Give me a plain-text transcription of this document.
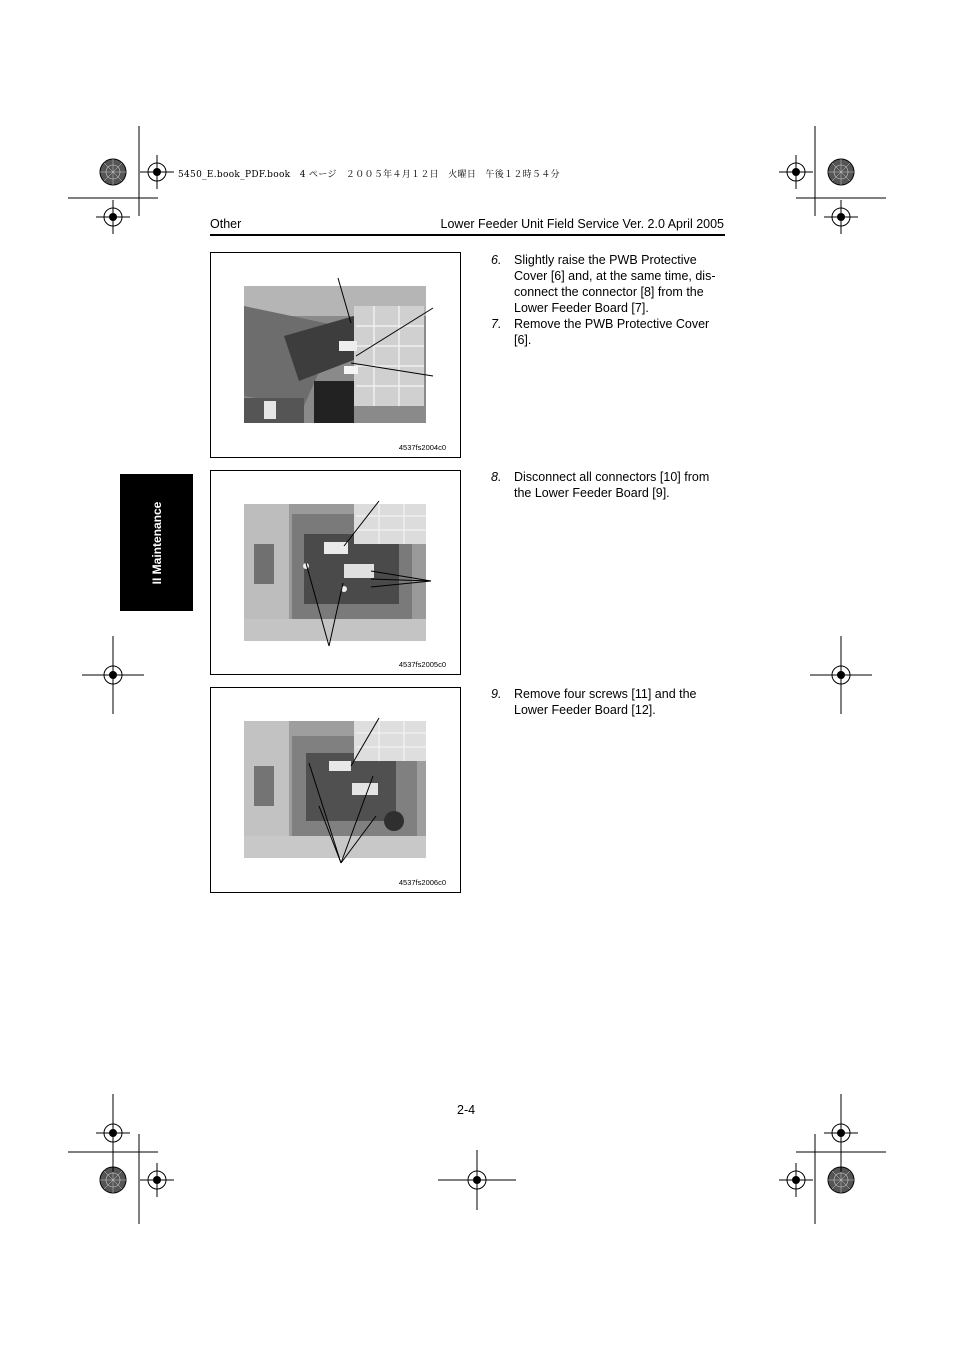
5450_E.book_PDF.book　4 ページ　２００５年４月１２日　火曜日　午後１２時５４分
Other	Lower Feeder Unit Field Service Ver. 2.0 April 2005
II Maintenance
4537fs2004c0
4537fs2005c0
4537fs2006c0
6. Slightly raise the PWB Protective Cover [6] and, at the same time, dis-connect the connector [8] from the Lower Feeder Board [7].
7. Remove the PWB Protective Cover [6].
8. Disconnect all connectors [10] from the Lower Feeder Board [9].
9. Remove four screws [11] and the Lower Feeder Board [12].
2-4
